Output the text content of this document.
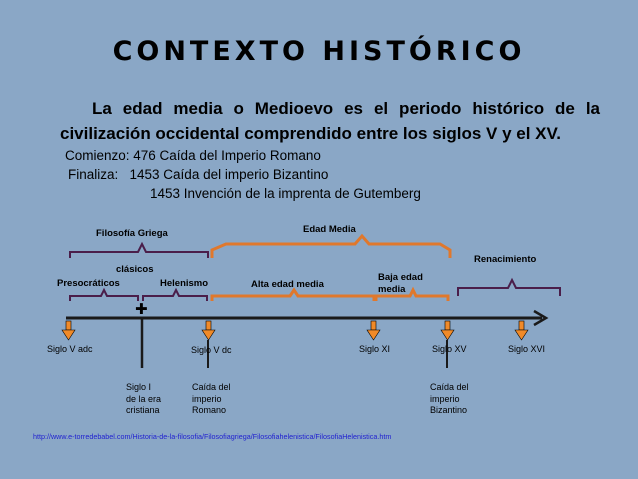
CONTEXTO HISTÓRICO
La edad media o Medioevo es el periodo histórico de la
civilización occidental comprendido entre los siglos V y el XV.
Comienzo: 476 Caída del Imperio Romano
Finaliza:   1453 Caída del imperio Bizantino
1453 Invención de la imprenta de Gutemberg
✚
Filosofía Griega	Edad Media
Renacimiento
clásicos
Presocráticos	Helenismo	Alta edad media
Baja edad
media
Siglo V adc	Siglo V dc	Siglo XI	Siglo XV	Siglo XVI
Siglo I
de la era
cristiana
Caída del
imperio
Romano
Caída del
imperio
Bizantino
http://www.e-torredebabel.com/Historia-de-la-filosofia/Filosofiagriega/Filosofiahelenistica/FilosofiaHelenistica.htm
